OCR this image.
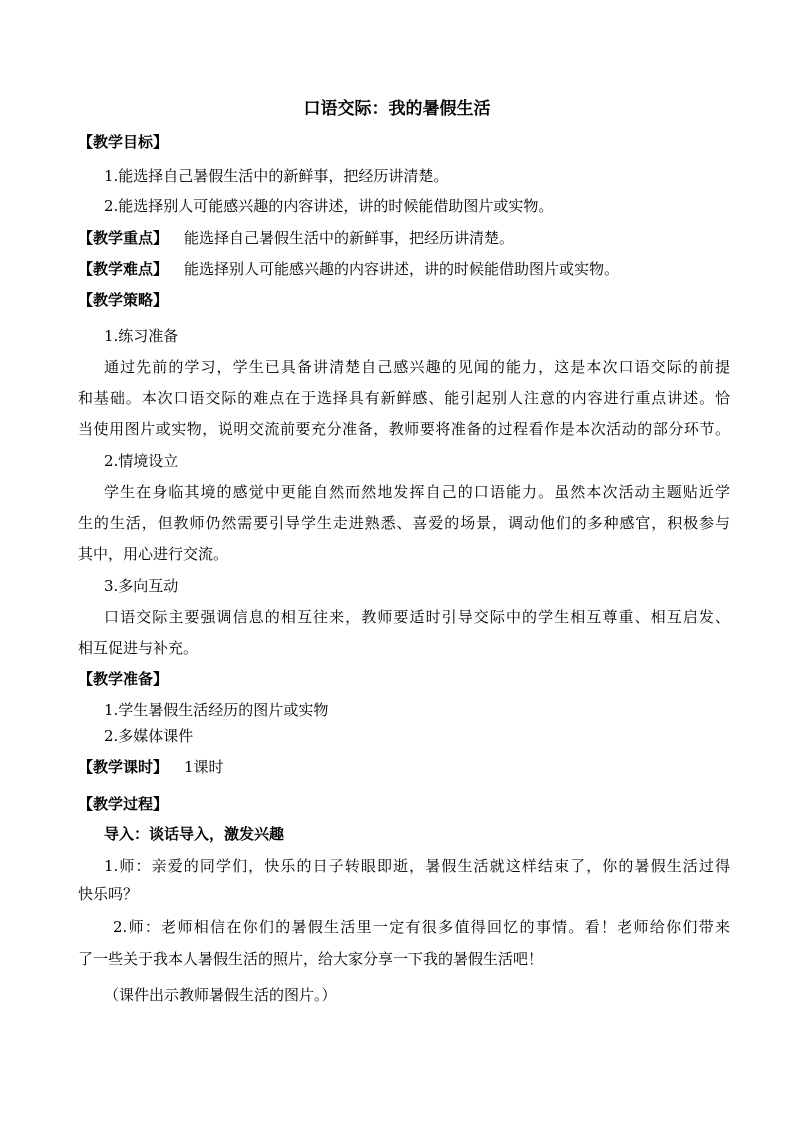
口语交际：我的暑假生活
【教学目标】
1.能选择自己暑假生活中的新鲜事，把经历讲清楚。
2.能选择别人可能感兴趣的内容讲述，讲的时候能借助图片或实物。
【教学重点】 能选择自己暑假生活中的新鲜事，把经历讲清楚。
【教学难点】 能选择别人可能感兴趣的内容讲述，讲的时候能借助图片或实物。
【教学策略】
1.练习准备
通过先前的学习，学生已具备讲清楚自己感兴趣的见闻的能力，这是本次口语交际的前提
和基础。本次口语交际的难点在于选择具有新鲜感、能引起别人注意的内容进行重点讲述。恰
当使用图片或实物，说明交流前要充分准备，教师要将准备的过程看作是本次活动的部分环节。
2.情境设立
学生在身临其境的感觉中更能自然而然地发挥自己的口语能力。虽然本次活动主题贴近学
生的生活，但教师仍然需要引导学生走进熟悉、喜爱的场景，调动他们的多种感官，积极参与
其中，用心进行交流。
3.多向互动
口语交际主要强调信息的相互往来，教师要适时引导交际中的学生相互尊重、相互启发、
相互促进与补充。
【教学准备】
1.学生暑假生活经历的图片或实物
2.多媒体课件
【教学课时】 1课时
【教学过程】
导入：谈话导入，激发兴趣
1.师：亲爱的同学们，快乐的日子转眼即逝，暑假生活就这样结束了，你的暑假生活过得
快乐吗？
2.师：老师相信在你们的暑假生活里一定有很多值得回忆的事情。看！老师给你们带来
了一些关于我本人暑假生活的照片，给大家分享一下我的暑假生活吧！
（课件出示教师暑假生活的图片。）
